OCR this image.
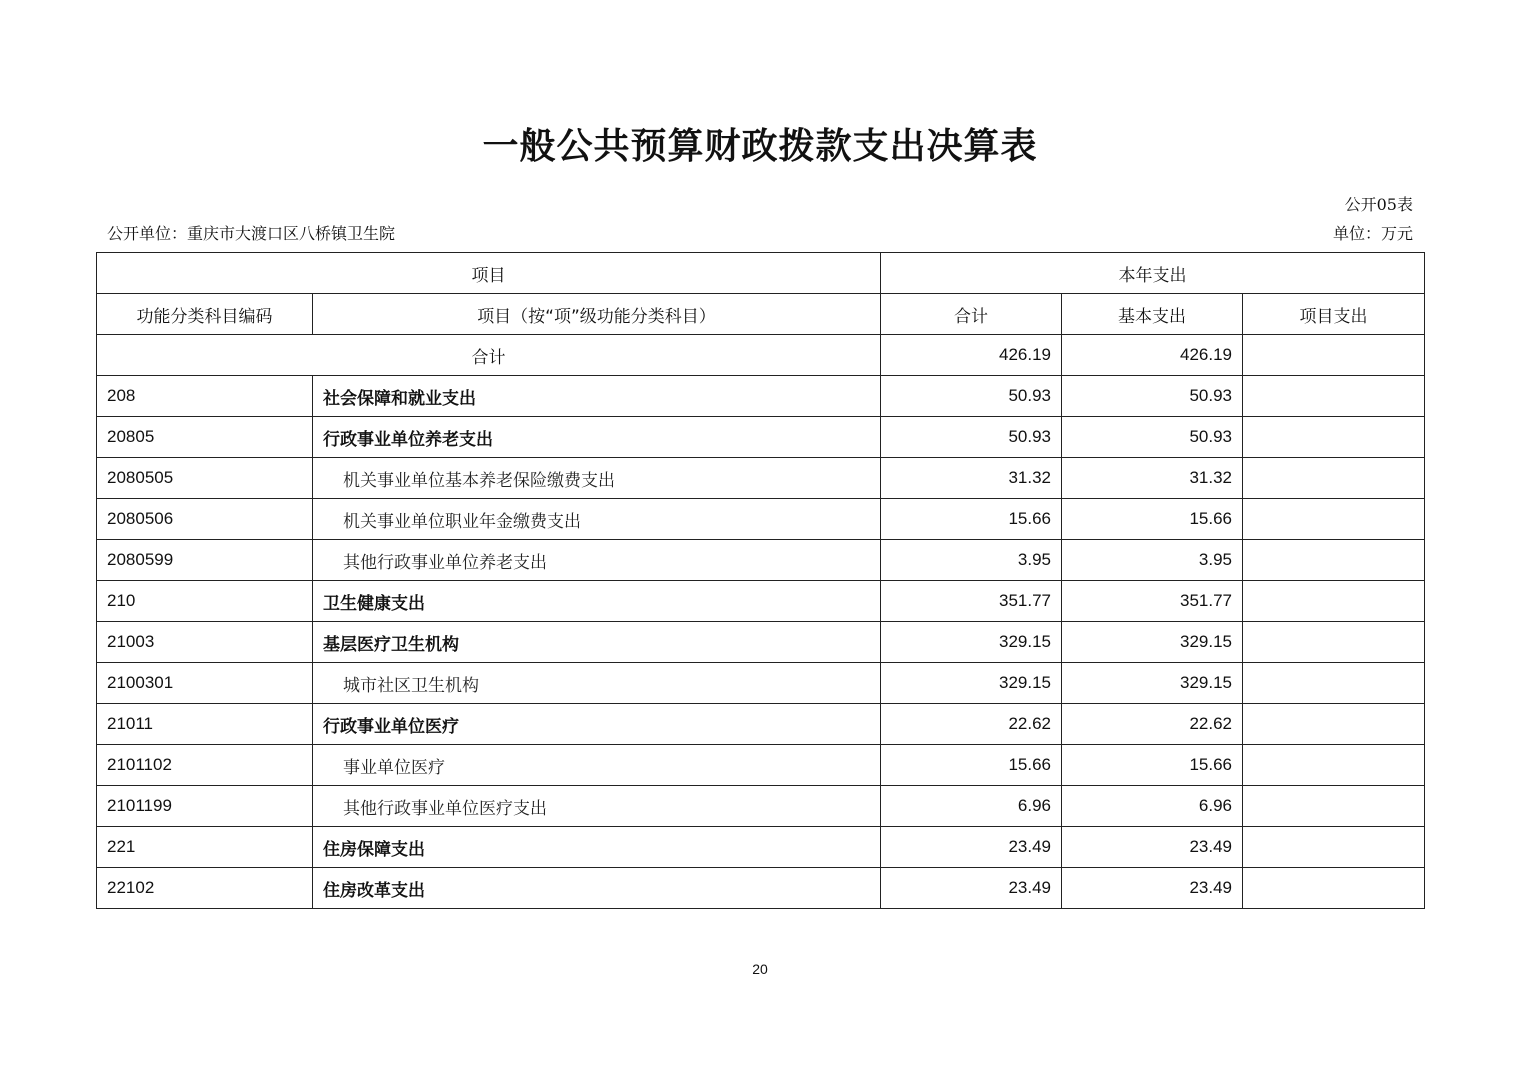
一般公共预算财政拨款支出决算表
公开05表
公开单位：重庆市大渡口区八桥镇卫生院	单位：万元
项目		本年支出		
功能分类科目编码	项目（按“项”级功能分类科目）	合计	基本支出	项目支出
合计		426.19	426.19	
208	社会保障和就业支出	50.93	50.93	
20805	行政事业单位养老支出	50.93	50.93	
2080505	机关事业单位基本养老保险缴费支出	31.32	31.32	
2080506	机关事业单位职业年金缴费支出	15.66	15.66	
2080599	其他行政事业单位养老支出	3.95	3.95	
210	卫生健康支出	351.77	351.77	
21003	基层医疗卫生机构	329.15	329.15	
2100301	城市社区卫生机构	329.15	329.15	
21011	行政事业单位医疗	22.62	22.62	
2101102	事业单位医疗	15.66	15.66	
2101199	其他行政事业单位医疗支出	6.96	6.96	
221	住房保障支出	23.49	23.49	
22102	住房改革支出	23.49	23.49	
20
